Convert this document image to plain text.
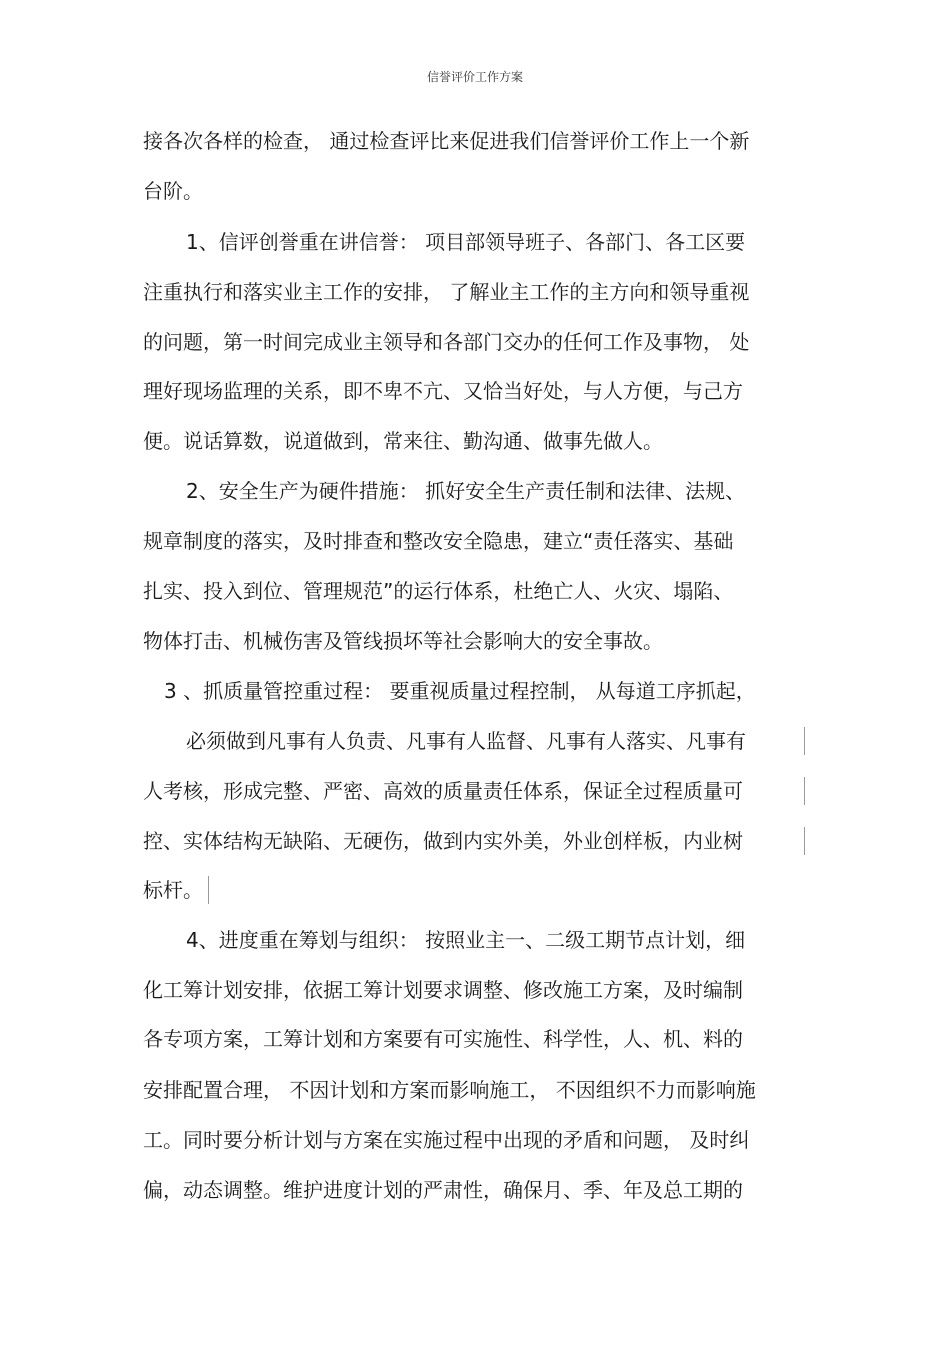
信誉评价工作方案
接各次各样的检查， 通过检查评比来促进我们信誉评价工作上一个新
台阶。
1、信评创誉重在讲信誉： 项目部领导班子、各部门、各工区要
注重执行和落实业主工作的安排， 了解业主工作的主方向和领导重视
的问题，第一时间完成业主领导和各部门交办的任何工作及事物， 处
理好现场监理的关系，即不卑不亢、又恰当好处，与人方便，与己方
便。说话算数，说道做到，常来往、勤沟通、做事先做人。
2、安全生产为硬件措施： 抓好安全生产责任制和法律、法规、
规章制度的落实，及时排查和整改安全隐患，建立“责任落实、基础
扎实、投入到位、管理规范”的运行体系，杜绝亡人、火灾、塌陷、
物体打击、机械伤害及管线损坏等社会影响大的安全事故。
3 、抓质量管控重过程： 要重视质量过程控制， 从每道工序抓起，
必须做到凡事有人负责、凡事有人监督、凡事有人落实、凡事有
人考核，形成完整、严密、高效的质量责任体系，保证全过程质量可
控、实体结构无缺陷、无硬伤，做到内实外美，外业创样板，内业树
标杆。
4、进度重在筹划与组织： 按照业主一、二级工期节点计划，细
化工筹计划安排，依据工筹计划要求调整、修改施工方案，及时编制
各专项方案，工筹计划和方案要有可实施性、科学性，人、机、料的
安排配置合理， 不因计划和方案而影响施工， 不因组织不力而影响施
工。同时要分析计划与方案在实施过程中出现的矛盾和问题， 及时纠
偏，动态调整。维护进度计划的严肃性，确保月、季、年及总工期的
